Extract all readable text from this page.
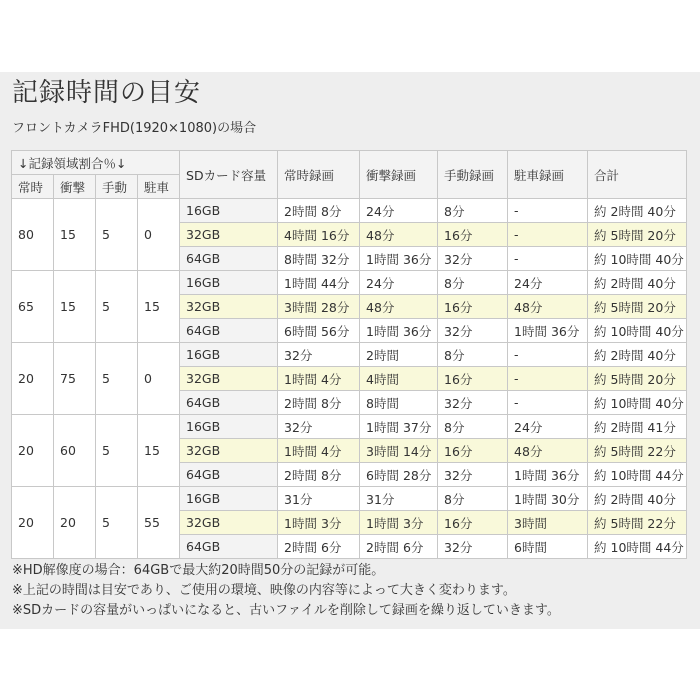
記録時間の目安
フロントカメラFHD(1920×1080)の場合
↓記録領域割合％↓				SDカード容量	常時録画	衝撃録画	手動録画	駐車録画	合計
常時	衝撃	手動	駐車						
80	15	5	0	16GB	2時間 8分	24分	8分	-	約 2時間 40分
				32GB	4時間 16分	48分	16分	-	約 5時間 20分
				64GB	8時間 32分	1時間 36分	32分	-	約 10時間 40分
65	15	5	15	16GB	1時間 44分	24分	8分	24分	約 2時間 40分
				32GB	3時間 28分	48分	16分	48分	約 5時間 20分
				64GB	6時間 56分	1時間 36分	32分	1時間 36分	約 10時間 40分
20	75	5	0	16GB	32分	2時間	8分	-	約 2時間 40分
				32GB	1時間 4分	4時間	16分	-	約 5時間 20分
				64GB	2時間 8分	8時間	32分	-	約 10時間 40分
20	60	5	15	16GB	32分	1時間 37分	8分	24分	約 2時間 41分
				32GB	1時間 4分	3時間 14分	16分	48分	約 5時間 22分
				64GB	2時間 8分	6時間 28分	32分	1時間 36分	約 10時間 44分
20	20	5	55	16GB	31分	31分	8分	1時間 30分	約 2時間 40分
				32GB	1時間 3分	1時間 3分	16分	3時間	約 5時間 22分
				64GB	2時間 6分	2時間 6分	32分	6時間	約 10時間 44分
※HD解像度の場合：64GBで最大約20時間50分の記録が可能。
※上記の時間は目安であり、ご使用の環境、映像の内容等によって大きく変わります。
※SDカードの容量がいっぱいになると、古いファイルを削除して録画を繰り返していきます。
